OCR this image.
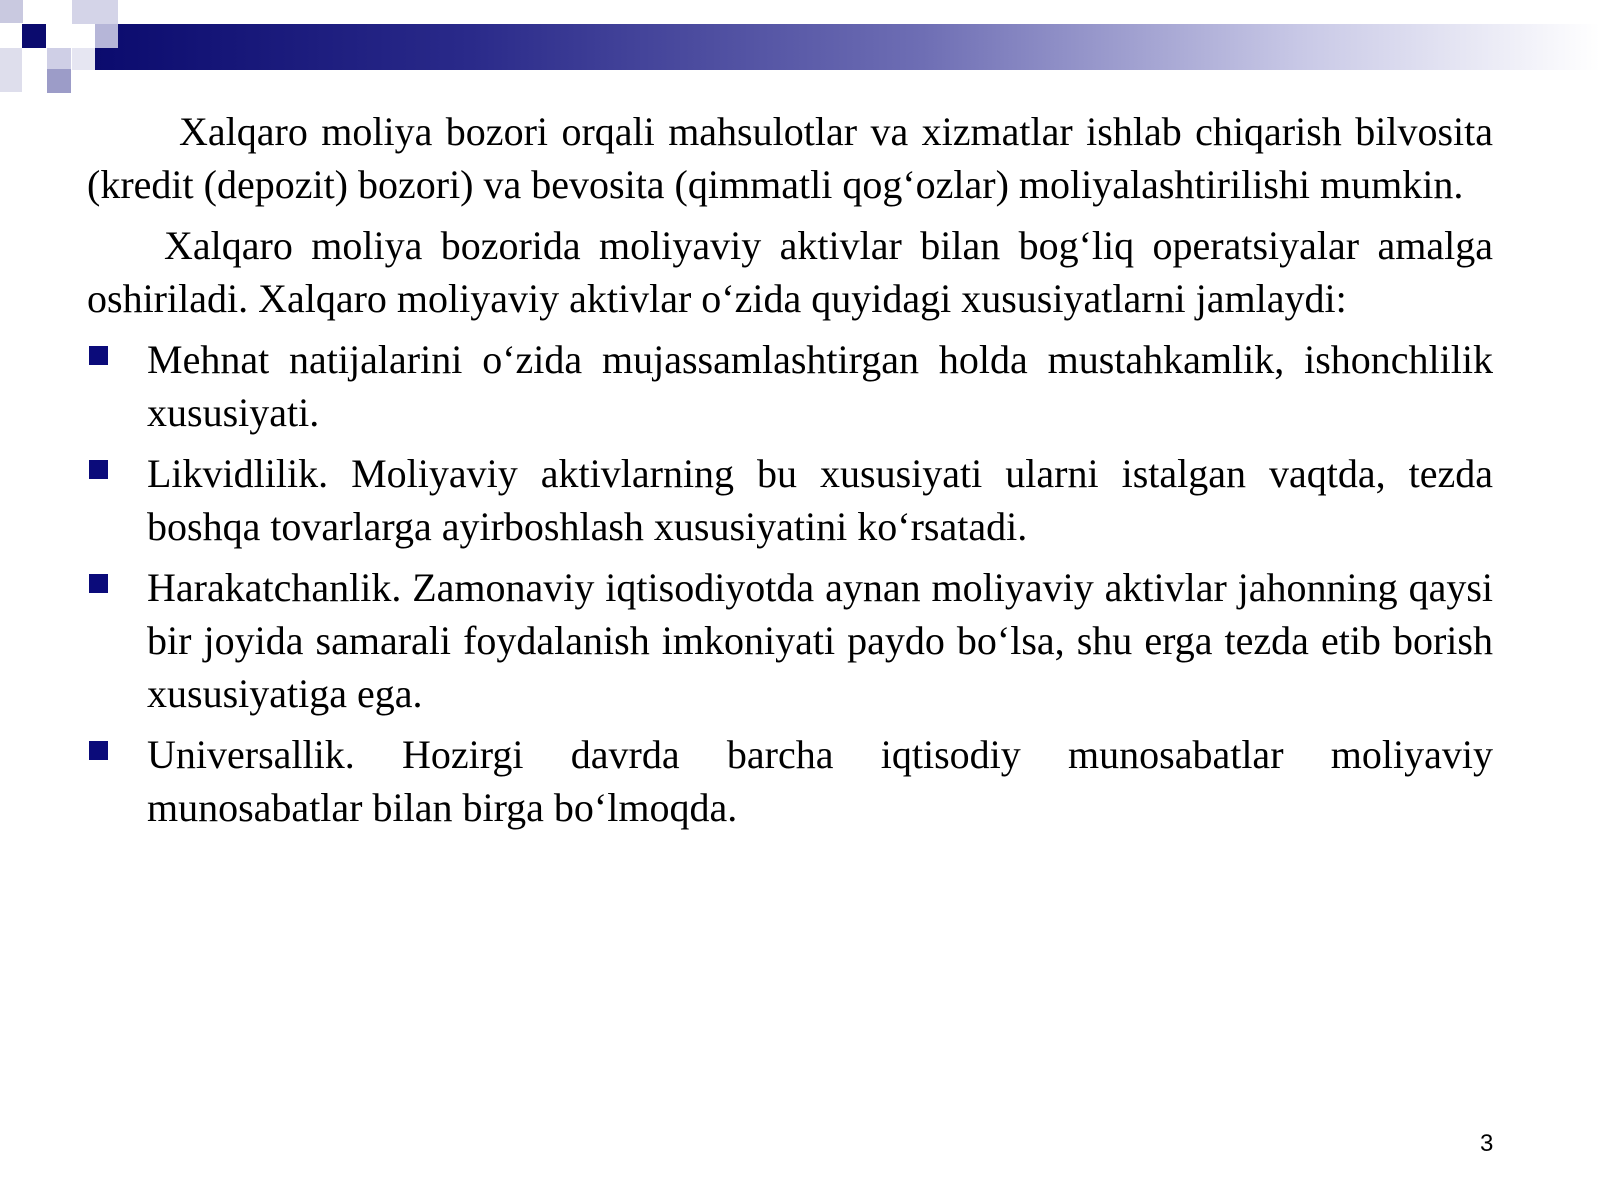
Xalqaro moliya bozori orqali mahsulotlar va xizmatlar ishlab chiqarish bilvosita (kredit (depozit) bozori) va bevosita (qimmatli qog‘ozlar) moliyalashtirilishi mumkin.

Xalqaro moliya bozorida moliyaviy aktivlar bilan bog‘liq operatsiyalar amalga oshiriladi. Xalqaro moliyaviy aktivlar o‘zida quyidagi xususiyatlarni jamlaydi:

Mehnat natijalarini o‘zida mujassamlashtirgan holda mustahkamlik, ishonchlilik xususiyati.
Likvidlilik. Moliyaviy aktivlarning bu xususiyati ularni istalgan vaqtda, tezda boshqa tovarlarga ayirboshlash xususiyatini ko‘rsatadi.
Harakatchanlik. Zamonaviy iqtisodiyotda aynan moliyaviy aktivlar jahonning qaysi bir joyida samarali foydalanish imkoniyati paydo bo‘lsa, shu erga tezda etib borish xususiyatiga ega.
Universallik. Hozirgi davrda barcha iqtisodiy munosabatlar moliyaviy munosabatlar bilan birga bo‘lmoqda.
3
